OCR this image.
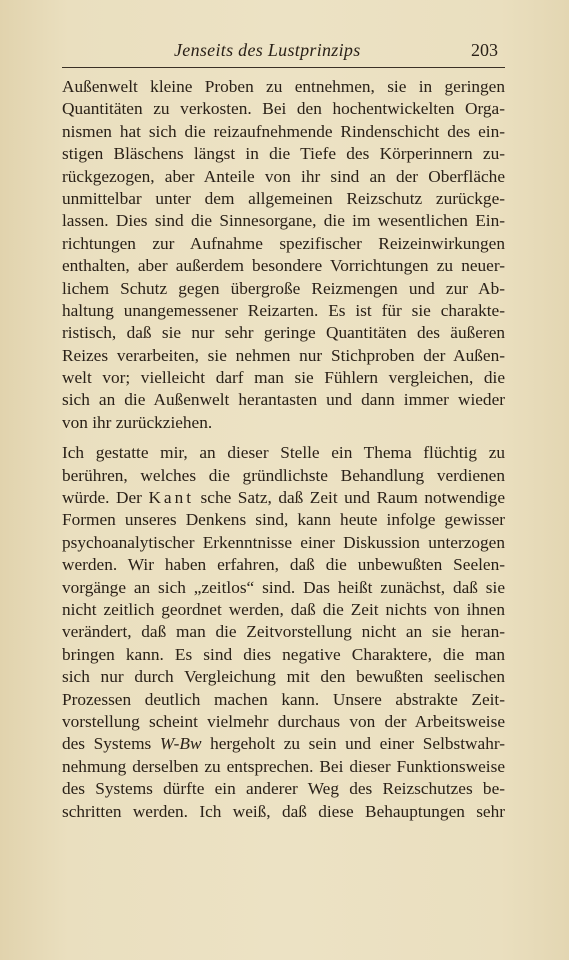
Jenseits des Lustprinzips	203
Außenwelt kleine Proben zu entnehmen, sie in geringen
Quantitäten zu verkosten. Bei den hochentwickelten Orga-
nismen hat sich die reizaufnehmende Rindenschicht des ein-
stigen Bläschens längst in die Tiefe des Körperinnern zu-
rückgezogen, aber Anteile von ihr sind an der Oberfläche
unmittelbar unter dem allgemeinen Reizschutz zurückge-
lassen. Dies sind die Sinnesorgane, die im wesentlichen Ein-
richtungen zur Aufnahme spezifischer Reizeinwirkungen
enthalten, aber außerdem besondere Vorrichtungen zu neuer-
lichem Schutz gegen übergroße Reizmengen und zur Ab-
haltung unangemessener Reizarten. Es ist für sie charakte-
ristisch, daß sie nur sehr geringe Quantitäten des äußeren
Reizes verarbeiten, sie nehmen nur Stichproben der Außen-
welt vor; vielleicht darf man sie Fühlern vergleichen, die
sich an die Außenwelt herantasten und dann immer wieder
von ihr zurückziehen.
Ich gestatte mir, an dieser Stelle ein Thema flüchtig zu
berühren, welches die gründlichste Behandlung verdienen
würde. Der Kant sche Satz, daß Zeit und Raum notwendige
Formen unseres Denkens sind, kann heute infolge gewisser
psychoanalytischer Erkenntnisse einer Diskussion unterzogen
werden. Wir haben erfahren, daß die unbewußten Seelen-
vorgänge an sich „zeitlos“ sind. Das heißt zunächst, daß sie
nicht zeitlich geordnet werden, daß die Zeit nichts von ihnen
verändert, daß man die Zeitvorstellung nicht an sie heran-
bringen kann. Es sind dies negative Charaktere, die man
sich nur durch Vergleichung mit den bewußten seelischen
Prozessen deutlich machen kann. Unsere abstrakte Zeit-
vorstellung scheint vielmehr durchaus von der Arbeitsweise
des Systems W-Bw hergeholt zu sein und einer Selbstwahr-
nehmung derselben zu entsprechen. Bei dieser Funktionsweise
des Systems dürfte ein anderer Weg des Reizschutzes be-
schritten werden. Ich weiß, daß diese Behauptungen sehr
